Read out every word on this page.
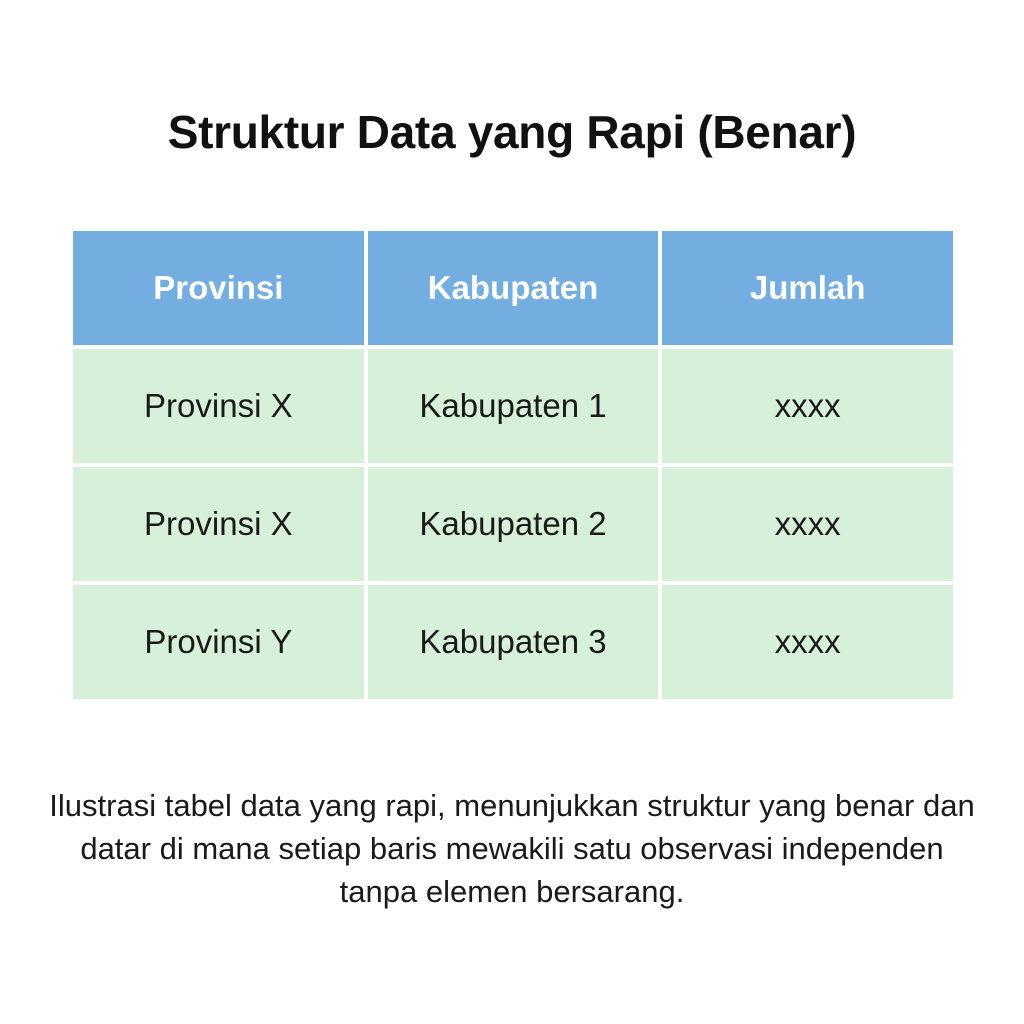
Struktur Data yang Rapi (Benar)
Provinsi	Kabupaten	Jumlah
Provinsi X	Kabupaten 1	xxxx
Provinsi X	Kabupaten 2	xxxx
Provinsi Y	Kabupaten 3	xxxx

Ilustrasi tabel data yang rapi, menunjukkan struktur yang benar dan datar di mana setiap baris mewakili satu observasi independen tanpa elemen bersarang.
